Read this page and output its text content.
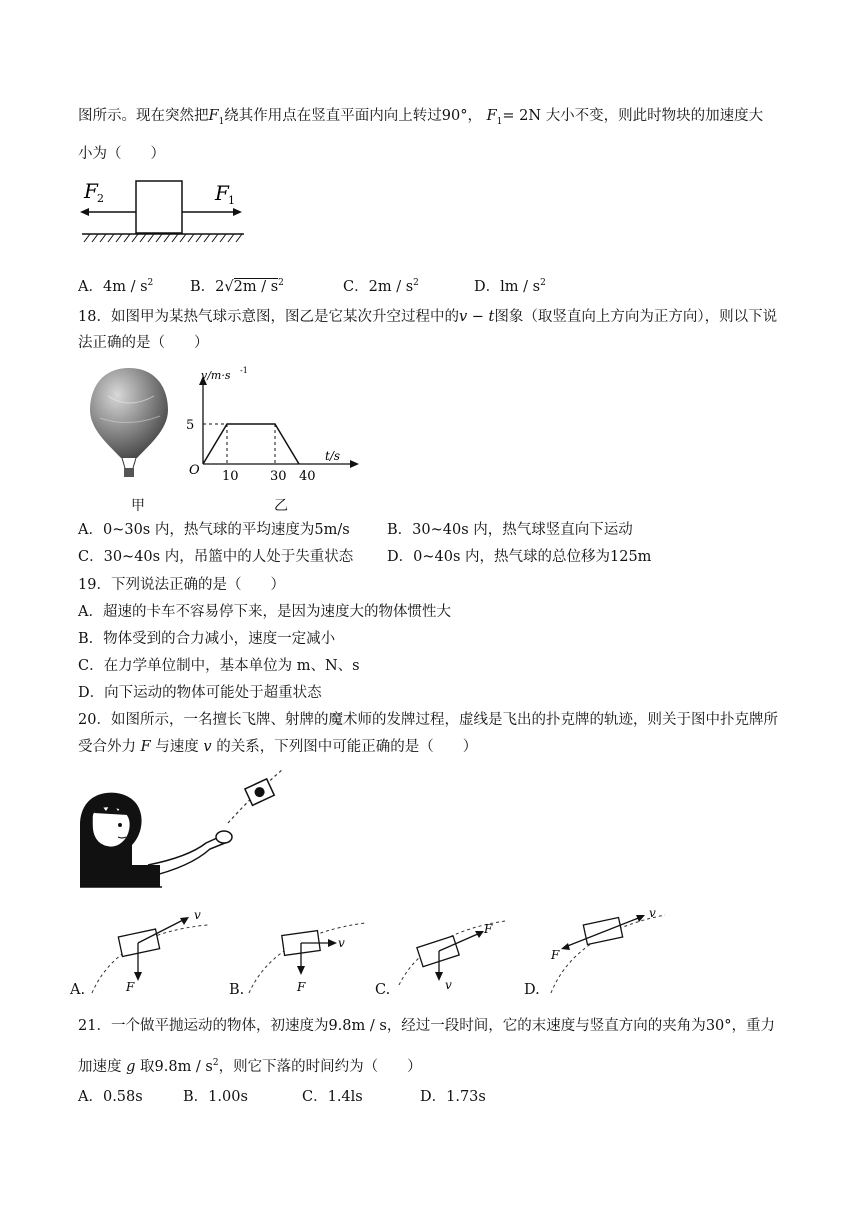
图所示。现在突然把$F_1$绕其作用点在竖直平面内向上转过90°， $F_1= 2N$ 大小不变，则此时物块的加速度大
小为（　　）
F 2	F 1
A．$4m / s^2$	B．$2√2m / s^2$	C．$2m / s^2$	D．lm / $s^2$
18．如图甲为某热气球示意图，图乙是它某次升空过程中的v − t图象（取竖直向上方向为正方向），则以下说
法正确的是（　　）
v/m·s -1
t/s
O
5
10 30 40
甲	乙
A．0~30s 内，热气球的平均速度为5m/s	B．30~40s 内，热气球竖直向下运动
C．30~40s 内，吊篮中的人处于失重状态 D．0~40s 内，热气球的总位移为125m
19．下列说法正确的是（　　）
A．超速的卡车不容易停下来，是因为速度大的物体惯性大
B．物体受到的合力减小，速度一定减小
C．在力学单位制中，基本单位为 m、N、s
D．向下运动的物体可能处于超重状态
20．如图所示，一名擅长飞牌、射牌的魔术师的发牌过程，虚线是飞出的扑克牌的轨迹，则关于图中扑克牌所
受合外力 F 与速度 v 的关系，下列图中可能正确的是（　　）
v
F
A.
v
F
B.
F
v
C.
v
F
D.
21．一个做平抛运动的物体，初速度为9.8m / s，经过一段时间，它的末速度与竖直方向的夹角为30°，重力
加速度 g 取$9.8m / s^2$，则它下落的时间约为（　　）
A．0.58s	B．1.00s	C．1.4ls	D．1.73s
